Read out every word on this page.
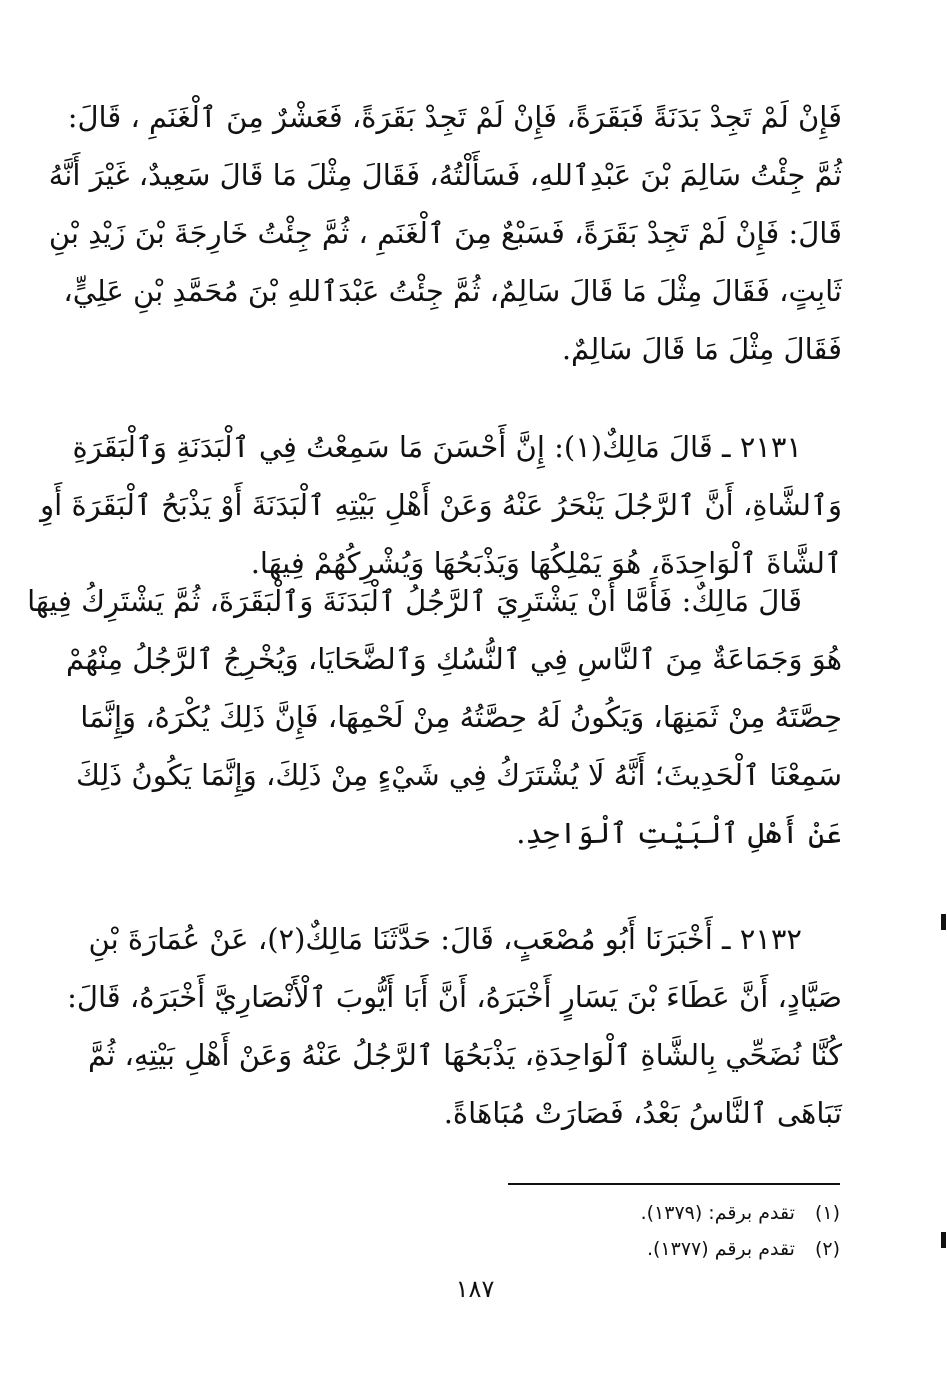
فَإِنْ لَمْ تَجِدْ بَدَنَةً فَبَقَرَةً، فَإِنْ لَمْ تَجِدْ بَقَرَةً، فَعَشْرٌ مِنَ ٱلْغَنَمِ ، قَالَ:
ثُمَّ جِئْتُ سَالِمَ بْنَ عَبْدِٱللهِ، فَسَأَلْتُهُ، فَقَالَ مِثْلَ مَا قَالَ سَعِيدٌ، غَيْرَ أَنَّهُ
قَالَ: فَإِنْ لَمْ تَجِدْ بَقَرَةً، فَسَبْعٌ مِنَ ٱلْغَنَمِ ، ثُمَّ جِئْتُ خَارِجَةَ بْنَ زَيْدِ بْنِ
ثَابِتٍ، فَقَالَ مِثْلَ مَا قَالَ سَالِمٌ، ثُمَّ جِئْتُ عَبْدَٱللهِ بْنَ مُحَمَّدِ بْنِ عَلِيٍّ،
فَقَالَ مِثْلَ مَا قَالَ سَالِمٌ.
٢١٣١ ـ قَالَ مَالِكٌ(١): إِنَّ أَحْسَنَ مَا سَمِعْتُ فِي ٱلْبَدَنَةِ وَٱلْبَقَرَةِ
وَٱلشَّاةِ، أَنَّ ٱلرَّجُلَ يَنْحَرُ عَنْهُ وَعَنْ أَهْلِ بَيْتِهِ ٱلْبَدَنَةَ أَوْ يَذْبَحُ ٱلْبَقَرَةَ أَوِ
ٱلشَّاةَ ٱلْوَاحِدَةَ، هُوَ يَمْلِكُهَا وَيَذْبَحُهَا وَيُشْرِكُهُمْ فِيهَا.
قَالَ مَالِكٌ: فَأَمَّا أَنْ يَشْتَرِيَ ٱلرَّجُلُ ٱلْبَدَنَةَ وَٱلْبَقَرَةَ، ثُمَّ يَشْتَرِكُ فِيهَا
هُوَ وَجَمَاعَةٌ مِنَ ٱلنَّاسِ فِي ٱلنُّسُكِ وَٱلضَّحَايَا، وَيُخْرِجُ ٱلرَّجُلُ مِنْهُمْ
حِصَّتَهُ مِنْ ثَمَنِهَا، وَيَكُونُ لَهُ حِصَّتُهُ مِنْ لَحْمِهَا، فَإِنَّ ذَلِكَ يُكْرَهُ، وَإِنَّمَا
سَمِعْنَا ٱلْحَدِيثَ؛ أَنَّهُ لَا يُشْتَرَكُ فِي شَيْءٍ مِنْ ذَلِكَ، وَإِنَّمَا يَكُونُ ذَلِكَ
عَنْ أَهْلِ ٱلْبَيْتِ ٱلْوَاحِدِ.
٢١٣٢ ـ أَخْبَرَنَا أَبُو مُصْعَبٍ، قَالَ: حَدَّثَنَا مَالِكٌ(٢)، عَنْ عُمَارَةَ بْنِ
صَيَّادٍ، أَنَّ عَطَاءَ بْنَ يَسَارٍ أَخْبَرَهُ، أَنَّ أَبَا أَيُّوبَ ٱلْأَنْصَارِيَّ أَخْبَرَهُ، قَالَ:
كُنَّا نُضَحِّي بِالشَّاةِ ٱلْوَاحِدَةِ، يَذْبَحُهَا ٱلرَّجُلُ عَنْهُ وَعَنْ أَهْلِ بَيْتِهِ، ثُمَّ
تَبَاهَى ٱلنَّاسُ بَعْدُ، فَصَارَتْ مُبَاهَاةً.
(١) تقدم برقم: (١٣٧٩).
(٢) تقدم برقم (١٣٧٧).
١٨٧
